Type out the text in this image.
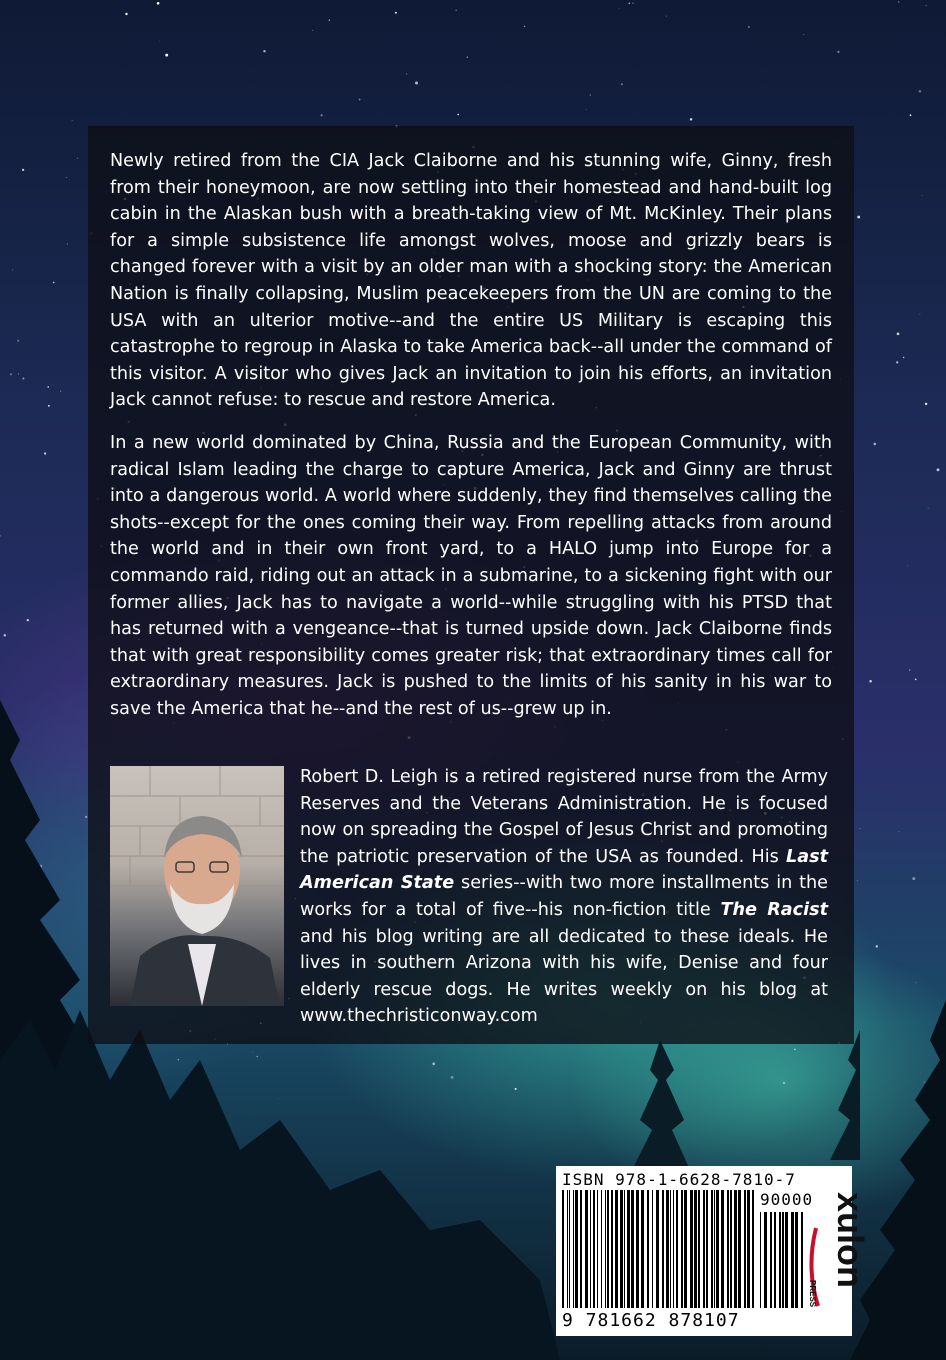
Newly retired from the CIA Jack Claiborne and his stunning wife, Ginny, fresh from their honeymoon, are now settling into their homestead and hand-built log cabin in the Alaskan bush with a breath-taking view of Mt. McKinley. Their plans for a simple subsistence life amongst wolves, moose and grizzly bears is changed forever with a visit by an older man with a shocking story: the American Nation is finally collapsing, Muslim peacekeepers from the UN are coming to the USA with an ulterior motive--and the entire US Military is escaping this catastrophe to regroup in Alaska to take America back--all under the command of this visitor. A visitor who gives Jack an invitation to join his efforts, an invitation Jack cannot refuse: to rescue and restore America.

In a new world dominated by China, Russia and the European Community, with radical Islam leading the charge to capture America, Jack and Ginny are thrust into a dangerous world. A world where suddenly, they find themselves calling the shots--except for the ones coming their way. From repelling attacks from around the world and in their own front yard, to a HALO jump into Europe for a commando raid, riding out an attack in a submarine, to a sickening fight with our former allies, Jack has to navigate a world--while struggling with his PTSD that has returned with a vengeance--that is turned upside down. Jack Claiborne finds that with great responsibility comes greater risk; that extraordinary times call for extraordinary measures. Jack is pushed to the limits of his sanity in his war to save the America that he--and the rest of us--grew up in.

Robert D. Leigh is a retired registered nurse from the Army Reserves and the Veterans Administration. He is focused now on spreading the Gospel of Jesus Christ and promoting the patriotic preservation of the USA as founded. His Last American State series--with two more installments in the works for a total of five--his non-fiction title The Racist and his blog writing are all dedicated to these ideals. He lives in southern Arizona with his wife, Denise and four elderly rescue dogs. He writes weekly on his blog at www.thechristiconway.com

ISBN 978-1-6628-7810-7
90000
9 781662 878107
xulon
PRESS
